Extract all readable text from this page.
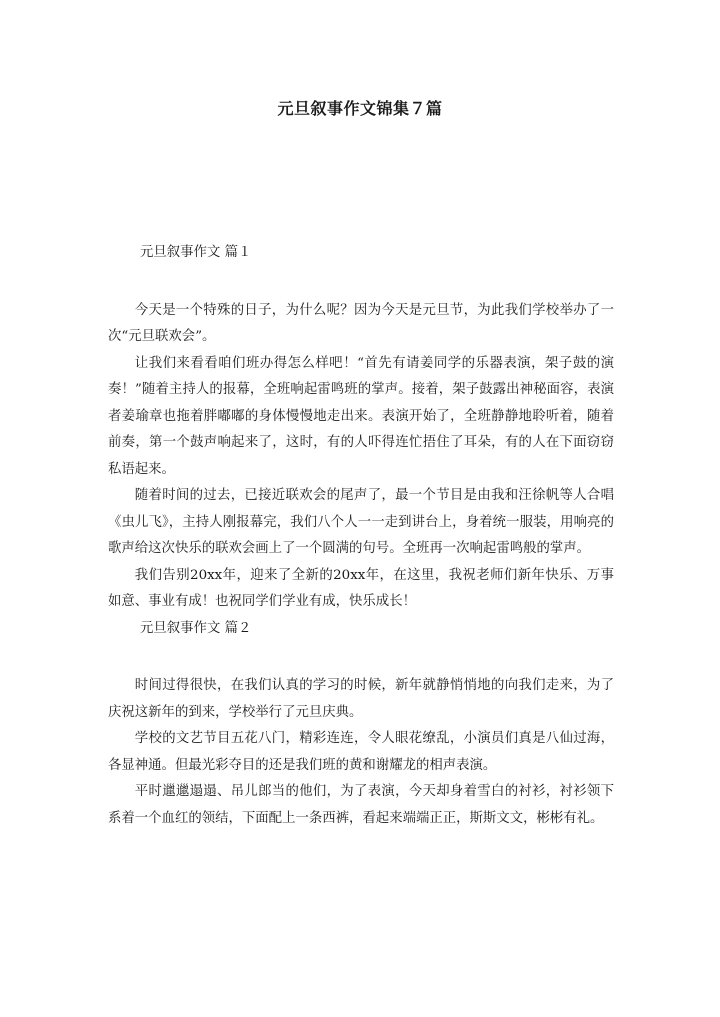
元旦叙事作文锦集７篇
元旦叙事作文 篇１

今天是一个特殊的日子，为什么呢？因为今天是元旦节，为此我们学校举办了一次“元旦联欢会”。

让我们来看看咱们班办得怎么样吧！“首先有请姜同学的乐器表演，架子鼓的演奏！”随着主持人的报幕，全班响起雷鸣班的掌声。接着，架子鼓露出神秘面容，表演者姜瑜章也拖着胖嘟嘟的身体慢慢地走出来。表演开始了，全班静静地聆听着，随着前奏，第一个鼓声响起来了，这时，有的人吓得连忙捂住了耳朵，有的人在下面窃窃私语起来。

随着时间的过去，已接近联欢会的尾声了，最一个节目是由我和汪徐帆等人合唱《虫儿飞》，主持人刚报幕完，我们八个人一一走到讲台上，身着统一服装，用响亮的歌声给这次快乐的联欢会画上了一个圆满的句号。全班再一次响起雷鸣般的掌声。

我们告别20xx年，迎来了全新的20xx年，在这里，我祝老师们新年快乐、万事如意、事业有成！也祝同学们学业有成，快乐成长！

元旦叙事作文 篇２

时间过得很快，在我们认真的学习的时候，新年就静悄悄地的向我们走来，为了庆祝这新年的到来，学校举行了元旦庆典。

学校的文艺节目五花八门，精彩连连，令人眼花缭乱，小演员们真是八仙过海，各显神通。但最光彩夺目的还是我们班的黄和谢耀龙的相声表演。

平时邋邋遢遢、吊儿郎当的他们，为了表演，今天却身着雪白的衬衫，衬衫领下系着一个血红的领结，下面配上一条西裤，看起来端端正正，斯斯文文，彬彬有礼。
